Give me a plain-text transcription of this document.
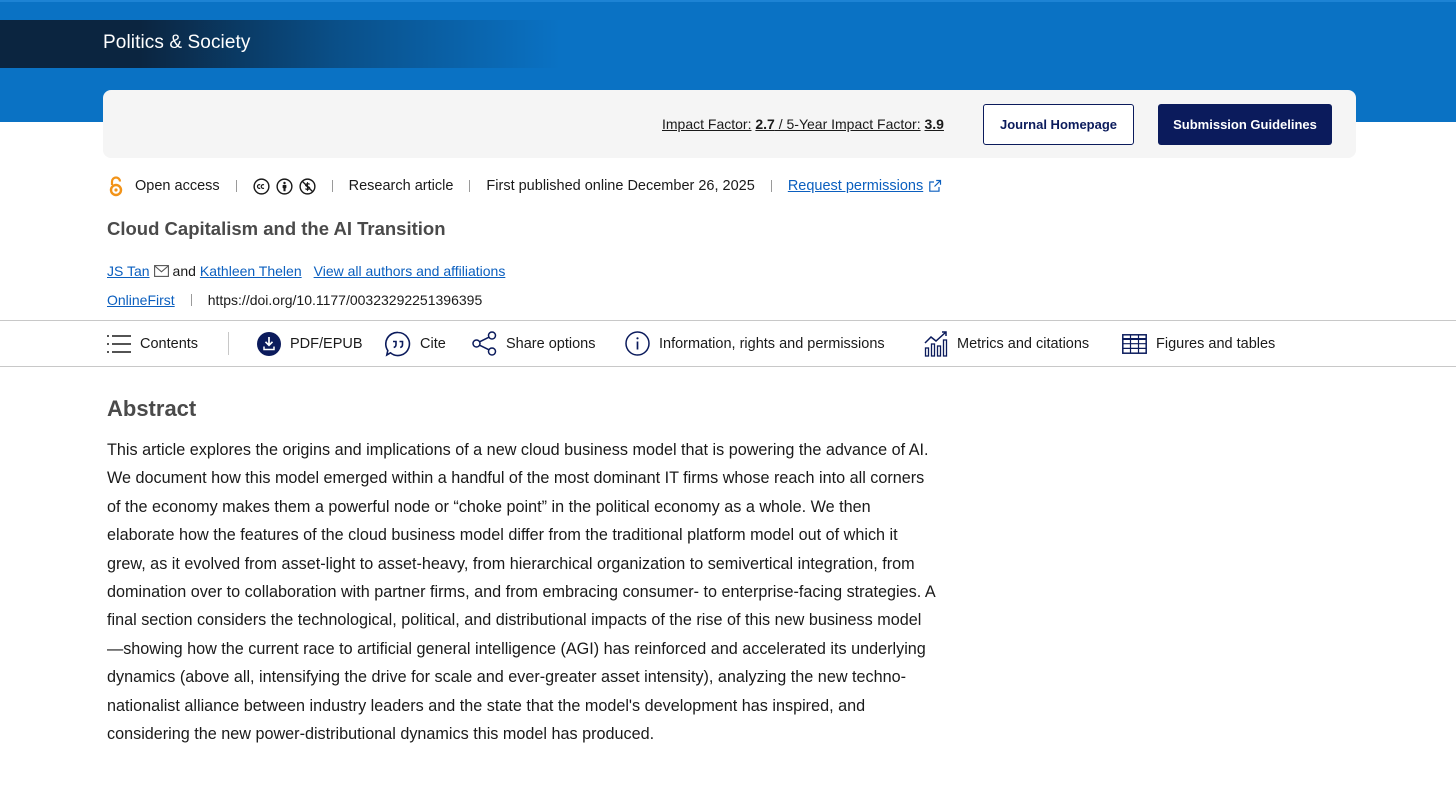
Politics & Society
Impact Factor: 2.7 / 5-Year Impact Factor: 3.9	Journal Homepage	Submission Guidelines
Open access	Research article First published online December 26, 2025 Request permissions
Cloud Capitalism and the AI Transition
JS Tan and Kathleen Thelen View all authors and affiliations
OnlineFirst https://doi.org/10.1177/00323292251396395
Contents	PDF/EPUB	Cite	Share options	Information, rights and permissions	Metrics and citations	Figures and tables
Abstract

This article explores the origins and implications of a new cloud business model that is powering the advance of AI. We document how this model emerged within a handful of the most dominant IT firms whose reach into all corners of the economy makes them a powerful node or “choke point” in the political economy as a whole. We then elaborate how the features of the cloud business model differ from the traditional platform model out of which it grew, as it evolved from asset-light to asset-heavy, from hierarchical organization to semivertical integration, from domination over to collaboration with partner firms, and from embracing consumer- to enterprise-facing strategies. A final section considers the technological, political, and distributional impacts of the rise of this new business model—showing how the current race to artificial general intelligence (AGI) has reinforced and accelerated its underlying dynamics (above all, intensifying the drive for scale and ever-greater asset intensity), analyzing the new techno-nationalist alliance between industry leaders and the state that the model's development has inspired, and considering the new power-distributional dynamics this model has produced.
